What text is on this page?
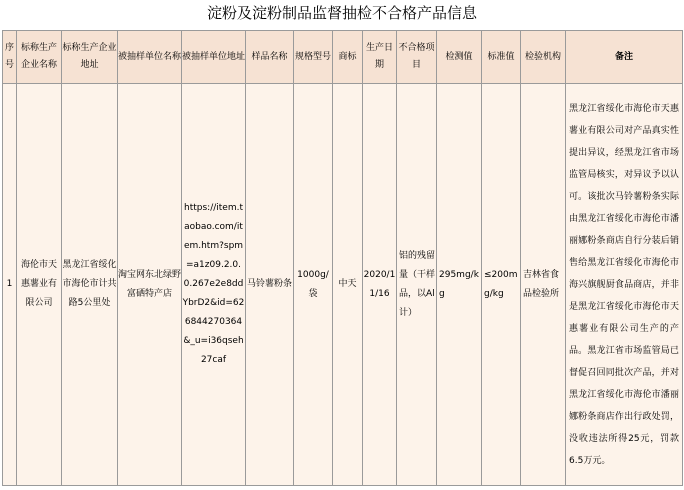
淀粉及淀粉制品监督抽检不合格产品信息
序号	标称生产企业名称	标称生产企业地址	被抽样单位名称	被抽样单位地址	样品名称	规格型号	商标	生产日期	不合格项目	检测值	标准值	检验机构	备注
1	海伦市天惠薯业有限公司	黑龙江省绥化市海伦市计共路5公里处	淘宝网东北绿野富硒特产店	https://item.taobao.com/item.htm?spm=a1z09.2.0.0.267e2e8ddYbrD2&id=626844270364&_u=i36qseh27caf	马铃薯粉条	1000g/袋	中天	2020/11/16	铝的残留量（干样品，以Al计）	295mg/kg	≤200mg/kg	吉林省食品检验所	黑龙江省绥化市海伦市天惠薯业有限公司对产品真实性提出异议，经黑龙江省市场监管局核实，对异议予以认可。该批次马铃薯粉条实际由黑龙江省绥化市海伦市潘丽娜粉条商店自行分装后销售给黑龙江省绥化市海伦市海兴旗舰厨食品商店，并非是黑龙江省绥化市海伦市天惠薯业有限公司生产的产品。黑龙江省市场监管局已督促召回同批次产品，并对黑龙江省绥化市海伦市潘丽娜粉条商店作出行政处罚，没收违法所得25元，罚款6.5万元。
